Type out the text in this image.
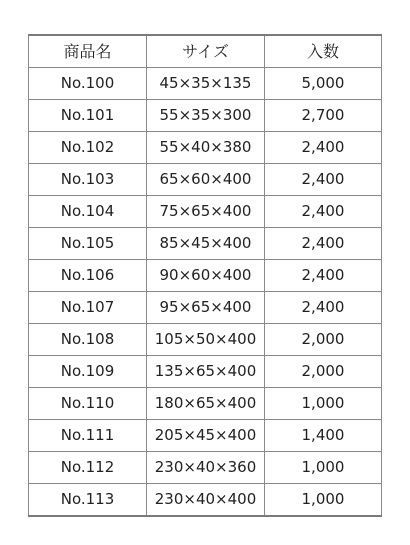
商品名	サイズ	入数
No.100	45×35×135	5,000
No.101	55×35×300	2,700
No.102	55×40×380	2,400
No.103	65×60×400	2,400
No.104	75×65×400	2,400
No.105	85×45×400	2,400
No.106	90×60×400	2,400
No.107	95×65×400	2,400
No.108	105×50×400	2,000
No.109	135×65×400	2,000
No.110	180×65×400	1,000
No.111	205×45×400	1,400
No.112	230×40×360	1,000
No.113	230×40×400	1,000
